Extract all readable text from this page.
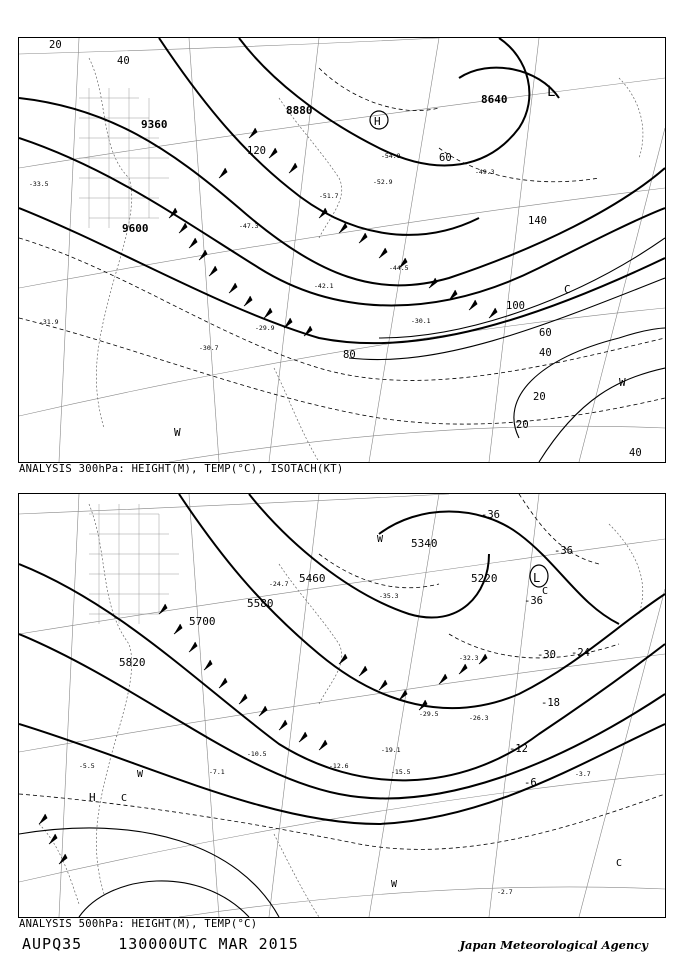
H
L
W
W
C
9360
9600
8880
8640
20
40
60
80
100
120
140
20
20
40
60
40
-29.9
-30.1
-30.7
-31.9
-42.1
-44.5
-47.3
-49.3
-51.7
-52.9
-54.9
-33.5
ANALYSIS 300hPa: HEIGHT(M), TEMP(°C), ISOTACH(KT)
L
H
W
W
W
C
C
C
5820
5700
5580
5460
5340
5220
-36
-36
-36
-30 -24
-18
-12
-6
-5.5
-7.1
-10.5
-12.6
-15.5
-19.1
-24.7
-26.3
-29.5
-32.3
-35.3
-3.7
-2.7
ANALYSIS 500hPa: HEIGHT(M), TEMP(°C)
AUPQ35 130000UTC MAR 2015	Japan Meteorological Agency
